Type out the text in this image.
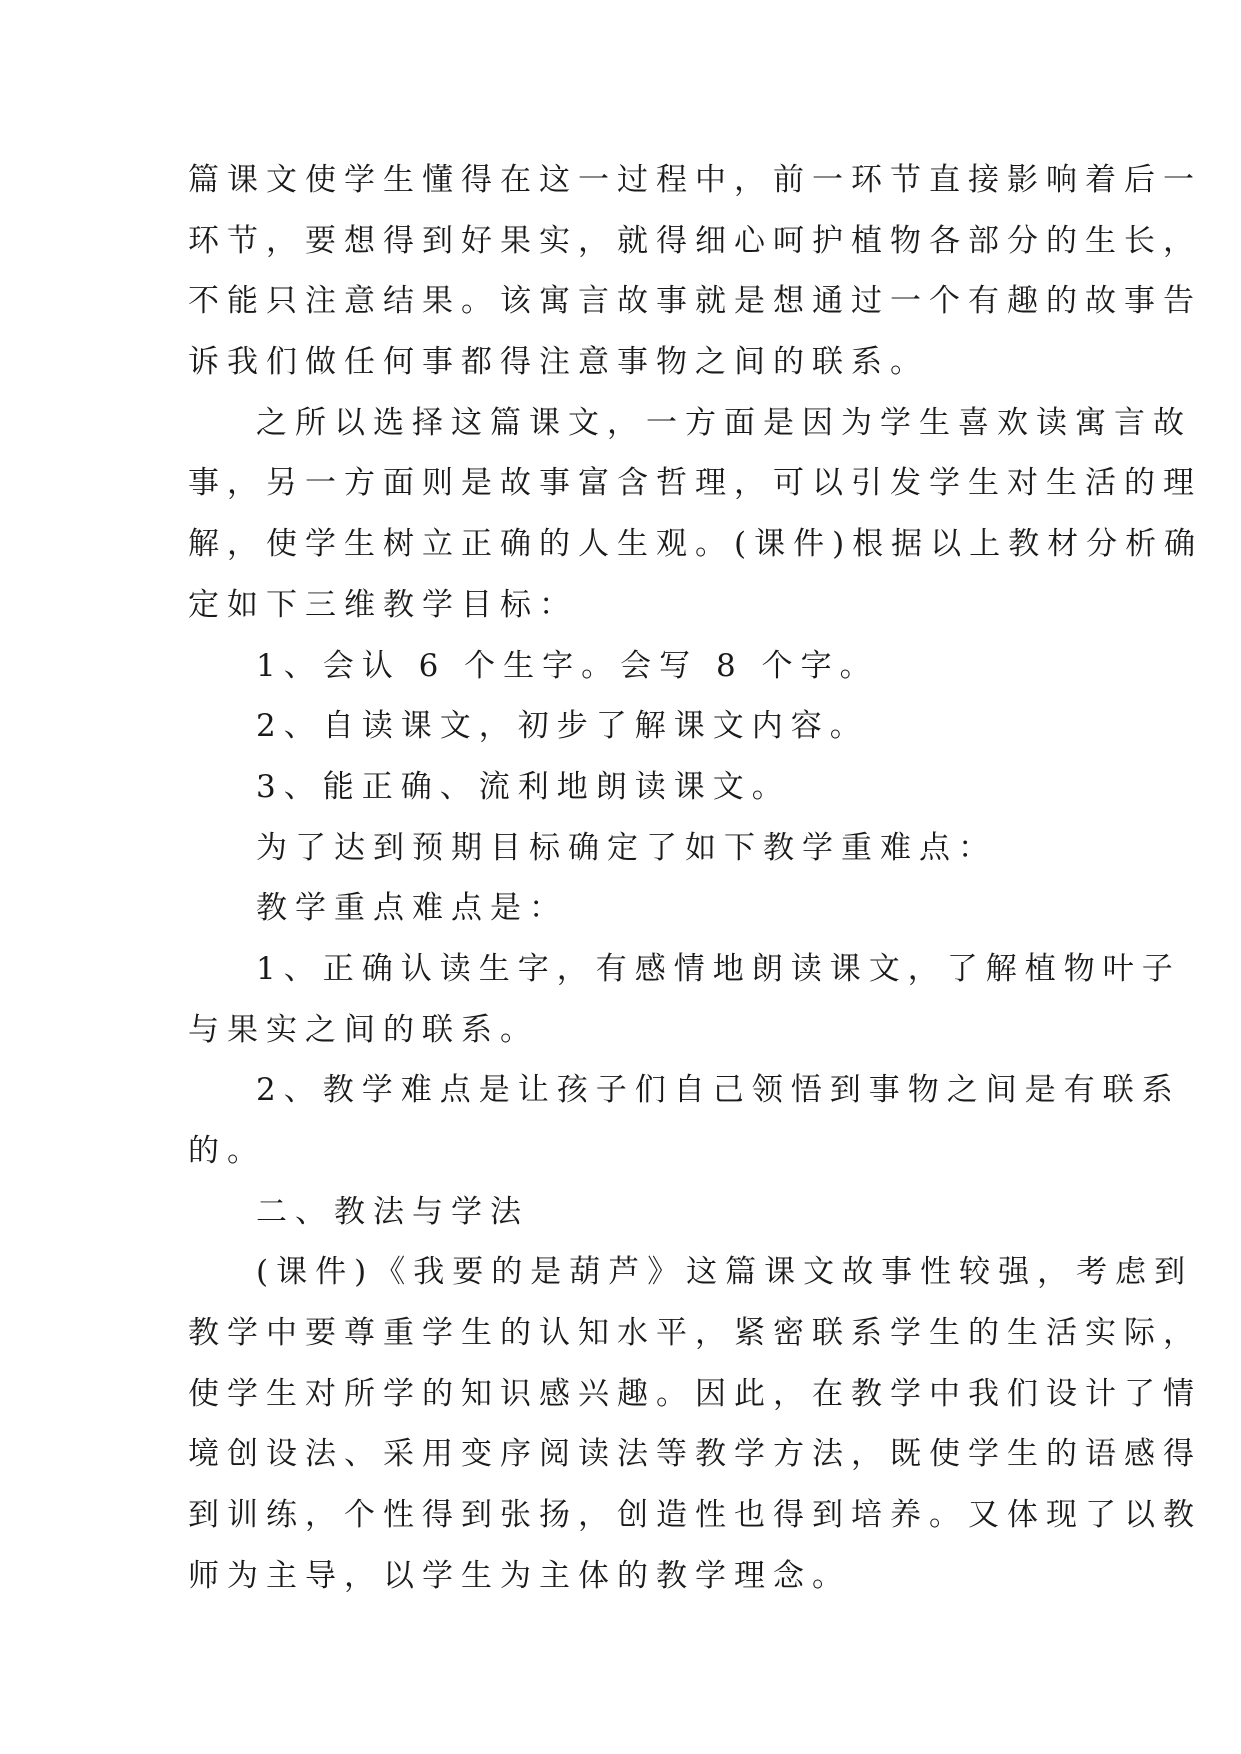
篇课文使学生懂得在这一过程中，前一环节直接影响着后一
环节，要想得到好果实，就得细心呵护植物各部分的生长，
不能只注意结果。该寓言故事就是想通过一个有趣的故事告
诉我们做任何事都得注意事物之间的联系。
之所以选择这篇课文，一方面是因为学生喜欢读寓言故
事，另一方面则是故事富含哲理，可以引发学生对生活的理
解，使学生树立正确的人生观。(课件)根据以上教材分析确
定如下三维教学目标：
1、会认 6 个生字。会写 8 个字。
2、自读课文，初步了解课文内容。
3、能正确、流利地朗读课文。
为了达到预期目标确定了如下教学重难点：
教学重点难点是：
1、正确认读生字，有感情地朗读课文，了解植物叶子
与果实之间的联系。
2、教学难点是让孩子们自己领悟到事物之间是有联系
的。
二、教法与学法
(课件)《我要的是葫芦》这篇课文故事性较强，考虑到
教学中要尊重学生的认知水平，紧密联系学生的生活实际，
使学生对所学的知识感兴趣。因此，在教学中我们设计了情
境创设法、采用变序阅读法等教学方法，既使学生的语感得
到训练，个性得到张扬，创造性也得到培养。又体现了以教
师为主导，以学生为主体的教学理念。
